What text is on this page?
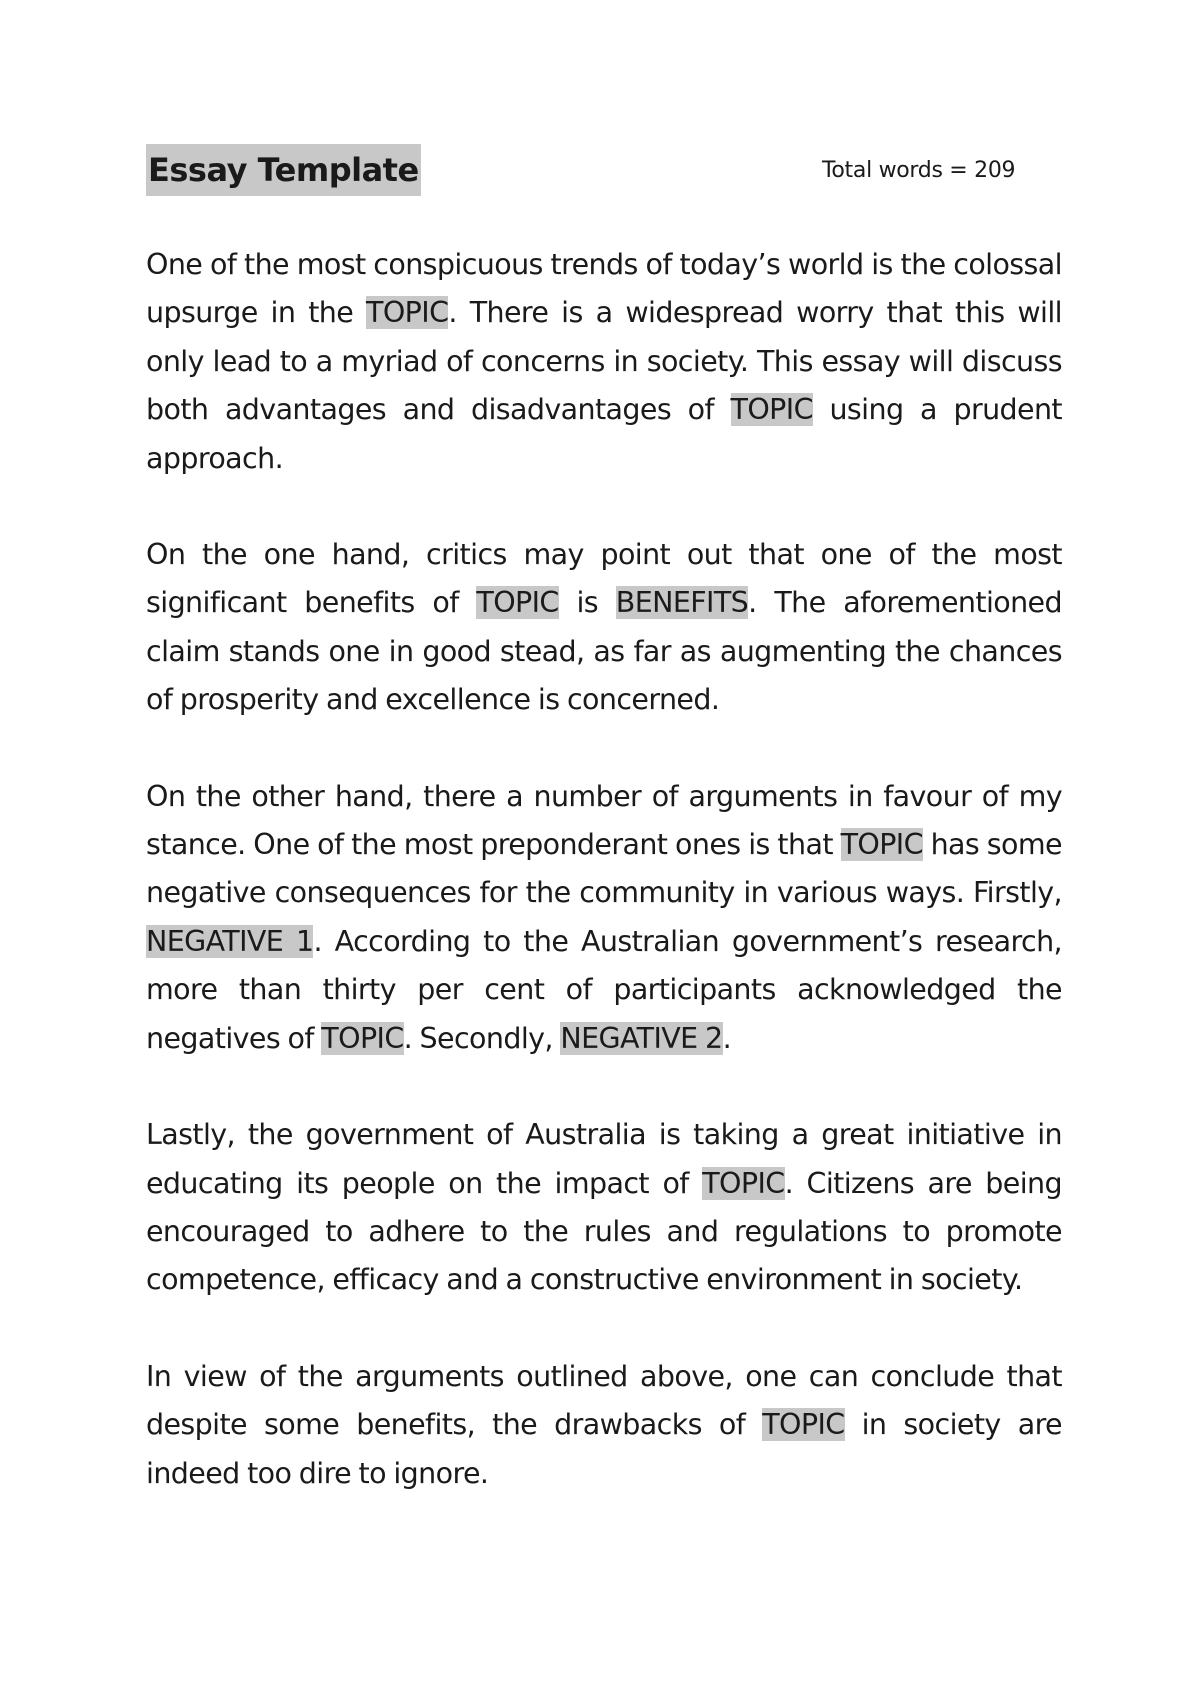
Essay Template	Total words = 209

One of the most conspicuous trends of today’s world is the colossal upsurge in the TOPIC. There is a widespread worry that this will only lead to a myriad of concerns in society. This essay will discuss both advantages and disadvantages of TOPIC using a prudent approach.

On the one hand, critics may point out that one of the most significant benefits of TOPIC is BENEFITS. The aforementioned claim stands one in good stead, as far as augmenting the chances of prosperity and excellence is concerned.

On the other hand, there a number of arguments in favour of my stance. One of the most preponderant ones is that TOPIC has some negative consequences for the community in various ways. Firstly, NEGATIVE 1. According to the Australian government’s research, more than thirty per cent of participants acknowledged the negatives of TOPIC. Secondly, NEGATIVE 2.

Lastly, the government of Australia is taking a great initiative in educating its people on the impact of TOPIC. Citizens are being encouraged to adhere to the rules and regulations to promote competence, efficacy and a constructive environment in society.

In view of the arguments outlined above, one can conclude that despite some benefits, the drawbacks of TOPIC in society are indeed too dire to ignore.
